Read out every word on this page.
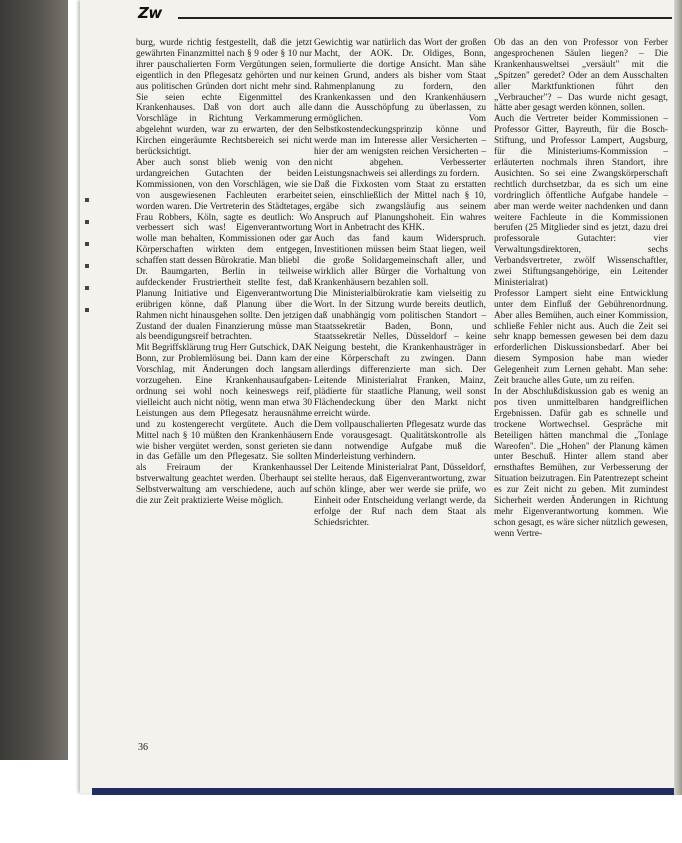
Zw

burg, wurde richtig festgestellt, daß die jetzt gewährten Finanzmittel nach § 9 oder § 10 nur ihrer pauschalierten Form Vergütungen seien, eigentlich in den Pflegesatz gehörten und nur aus politischen Gründen dort nicht mehr sind. Sie seien echte Eigenmittel des Krankenhauses. Daß von dort auch alle Vorschläge in Richtung Verkammerung abgelehnt wurden, war zu erwarten, der den Kirchen eingeräumte Rechtsbereich sei nicht berücksichtigt.

Aber auch sonst blieb wenig von den urdangreichen Gutachten der beiden Kommissionen, von den Vorschlägen, wie sie von ausgewiesenen Fachleuten erarbeitet worden waren. Die Vertreterin des Städtetages, Frau Robbers, Köln, sagte es deutlich: Wo verbessert sich was! Eigenverantwortung wolle man behalten, Kommissionen oder gar Körperschaften wirkten dem entgegen, schaffen statt dessen Bürokratie. Man bliebl

Dr. Baumgarten, Berlin in teilweise aufdeckender Frustriertheit stellte fest, daß Planung Initiative und Eigenverantwortung erübrigen könne, daß Planung über die Rahmen nicht hinausgehen sollte. Den jetzigen Zustand der dualen Finanzierung müsse man als beendigungsreif betrachten.

Mit Begriffsklärung trug Herr Gutschick, DAK Bonn, zur Problemlösung bei. Dann kam der Vorschlag, mit Änderungen doch langsam vorzugehen. Eine Krankenhausaufgaben-ordnung sei wohl noch keineswegs reif, vielleicht auch nicht nötig, wenn man etwa 30 Leistungen aus dem Pflegesatz herausnähme und zu kostengerecht vergütete. Auch die Mittel nach § 10 müßten den Krankenhäusern wie bisher vergütet werden, sonst gerieten sie in das Gefälle um den Pflegesatz. Sie sollten als Freiraum der Krankenhaussel bstverwaltung geachtet werden. Überhaupt sei Selbstverwaltung am verschiedene, auch auf die zur Zeit praktizierte Weise möglich.

Gewichtig war natürlich das Wort der großen Macht, der AOK. Dr. Oldiges, Bonn, formulierte die dortige Ansicht. Man sähe keinen Grund, anders als bisher vom Staat Rahmenplanung zu fordern, den Krankenkassen und den Krankenhäusern dann die Ausschöpfung zu überlassen, zu ermöglichen. Vom Selbstkostendeckungsprinzip könne und werde man im Interesse aller Versicherten – hier der am wenigsten reichen Versicherten – nicht abgehen. Verbesserter Leistungsnachweis sei allerdings zu fordern.

Daß die Fixkosten vom Staat zu erstatten seien, einschließlich der Mittel nach § 10, ergäbe sich zwangsläufig aus seinem Anspruch auf Planungshoheit. Ein wahres Wort in Anbetracht des KHK.

Auch das fand kaum Widerspruch. Investitionen müssen beim Staat liegen, weil die große Solidargemeinschaft aller, und wirklich aller Bürger die Vorhaltung von Krankenhäusern bezahlen soll.

Die Ministerialbürokratie kam vielseitig zu Wort. In der Sitzung wurde bereits deutlich, daß unabhängig vom politischen Standort – Staatssekretär Baden, Bonn, und Staatssekretär Nelles, Düsseldorf – keine Neigung besteht, die Krankenhausträger in eine Körperschaft zu zwingen. Dann allerdings differenzierte man sich. Der Leitende Ministerialrat Franken, Mainz, plädierte für staatliche Planung, weil sonst Flächendeckung über den Markt nicht erreicht würde.

Dem vollpauschalierten Pflegesatz wurde das Ende vorausgesagt. Qualitätskontrolle als dann notwendige Aufgabe muß die Minderleistung verhindern.

Der Leitende Ministerialrat Pant, Düsseldorf, stellte heraus, daß Eigenverantwortung, zwar schön klinge, aber wer werde sie prüfe, wo Einheit oder Entscheidung verlangt werde, da erfolge der Ruf nach dem Staat als Schiedsrichter.

Ob das an den von Professor von Ferber angesprochenen Säulen liegen? – Die Krankenhausweltsei „versäult" mit die „Spitzen" geredet? Oder an dem Ausschalten aller Marktfunktionen führt den „Verbraucher"? – Das wurde nicht gesagt, hätte aber gesagt werden können, sollen.

Auch die Vertreter beider Kommissionen – Professor Gitter, Bayreuth, für die Bosch-Stiftung, und Professor Lampert, Augsburg, für die Ministeriums-Kommission – erläuterten nochmals ihren Standort, ihre Ausichten. So sei eine Zwangskörperschaft rechtlich durchsetzbar, da es sich um eine vordringlich öffentliche Aufgabe handele – aber man werde weiter nachdenken und dann weitere Fachleute in die Kommissionen berufen (25 Mitglieder sind es jetzt, dazu drei professorale Gutachter: vier Verwaltungsdirektoren, sechs Verbandsvertreter, zwölf Wissenschaftler, zwei Stiftungsangehörige, ein Leitender Ministerialrat)

Professor Lampert sieht eine Entwicklung unter dem Einfluß der Gebührenordnung. Aber alles Bemühen, auch einer Kommission, schließe Fehler nicht aus. Auch die Zeit sei sehr knapp bemessen gewesen bei dem dazu erforderlichen Diskussionsbedarf. Aber bei diesem Symposion habe man wieder Gelegenheit zum Lernen gehabt. Man sehe: Zeit brauche alles Gute, um zu reifen.

In der Abschlußdiskussion gab es wenig an pos tiven unmittelbaren handgreiflichen Ergebnissen. Dafür gab es schnelle und trockene Wortwechsel. Gespräche mit Beteiligen hätten manchmal die „Tonlage Wareofen". Die „Hohen" der Planung kämen unter Beschuß. Hinter allem stand aber ernsthaftes Bemühen, zur Verbesserung der Situation beizutragen. Ein Patentrezept scheint es zur Zeit nicht zu geben. Mit zumindest Sicherheit werden Änderungen in Richtung mehr Eigenverantwortung kommen. Wie schon gesagt, es wäre sicher nützlich gewesen, wenn Vertre-

36
